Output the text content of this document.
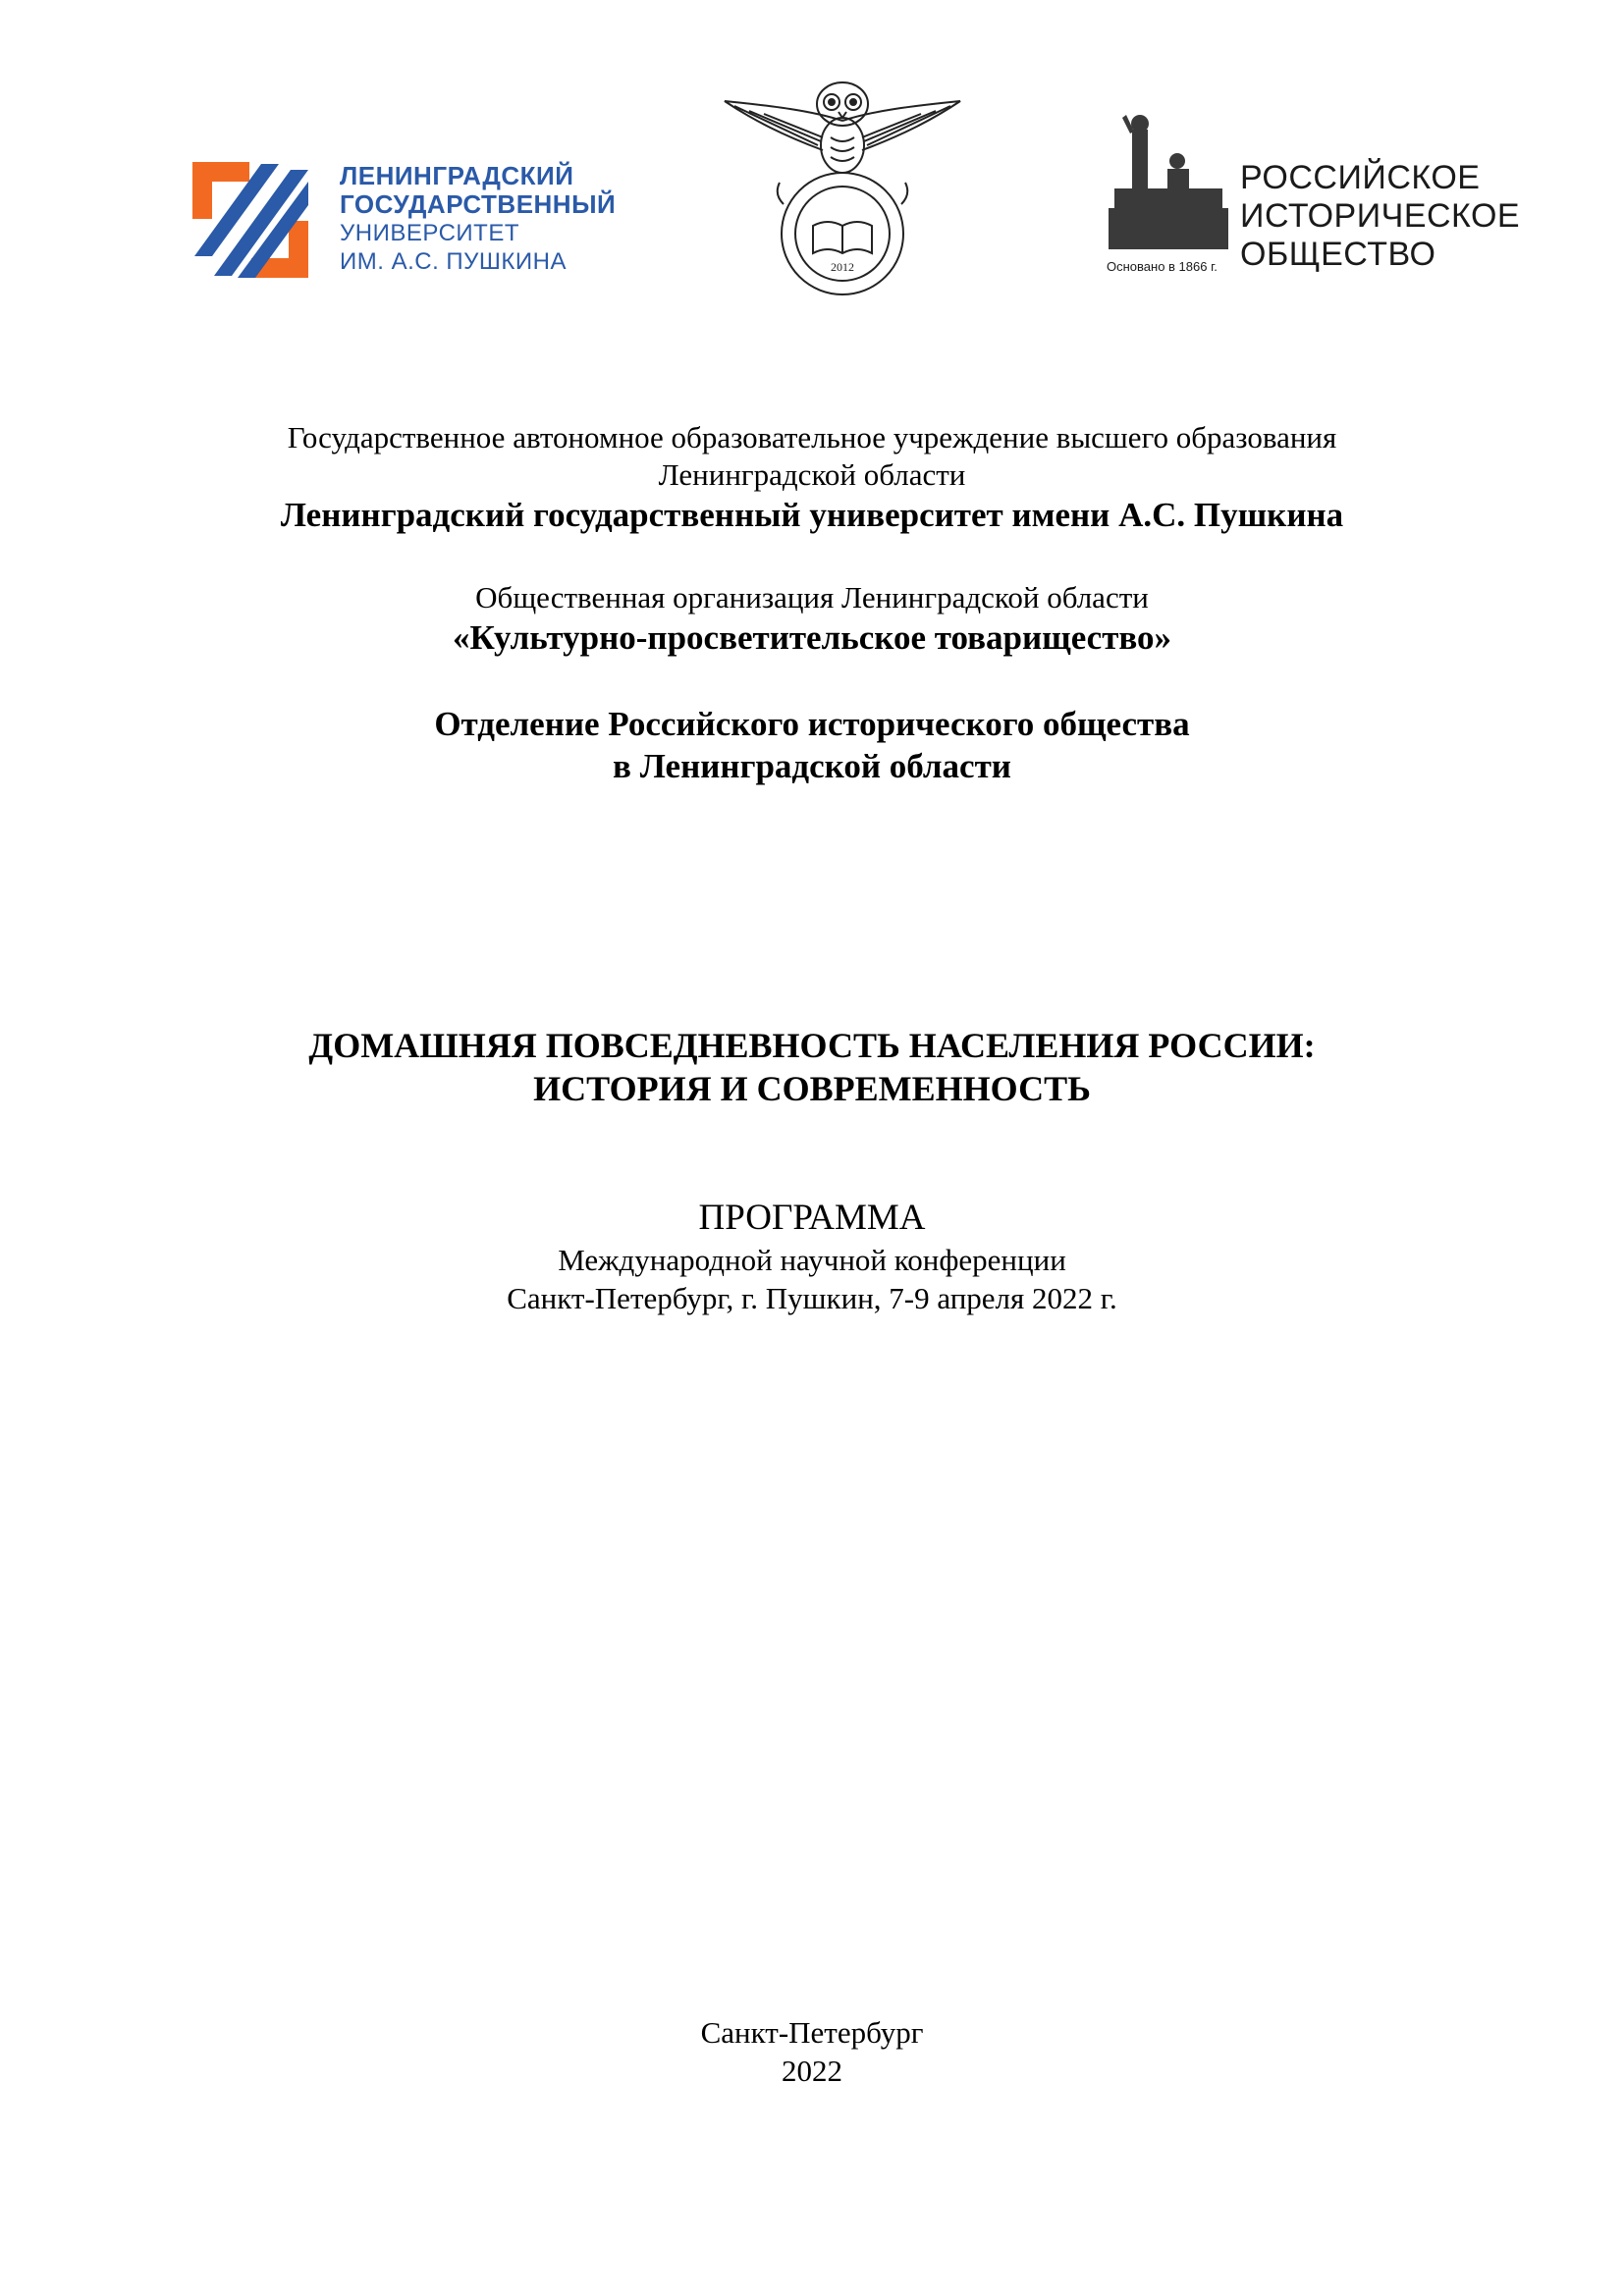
ЛЕНИНГРАДСКИЙ
ГОСУДАРСТВЕННЫЙ
УНИВЕРСИТЕТ
ИМ. А.С. ПУШКИНА	2012	Основано в 1866 г.
РОССИЙСКОЕ
ИСТОРИЧЕСКОЕ
ОБЩЕСТВО
Государственное автономное образовательное учреждение высшего образования
Ленинградской области
Ленинградский государственный университет имени А.С. Пушкина
Общественная организация Ленинградской области
«Культурно-просветительское товарищество»
Отделение Российского исторического общества
в Ленинградской области
ДОМАШНЯЯ ПОВСЕДНЕВНОСТЬ НАСЕЛЕНИЯ РОССИИ:
ИСТОРИЯ И СОВРЕМЕННОСТЬ
ПРОГРАММА
Международной научной конференции
Санкт-Петербург, г. Пушкин, 7-9 апреля 2022 г.
Санкт-Петербург
2022
